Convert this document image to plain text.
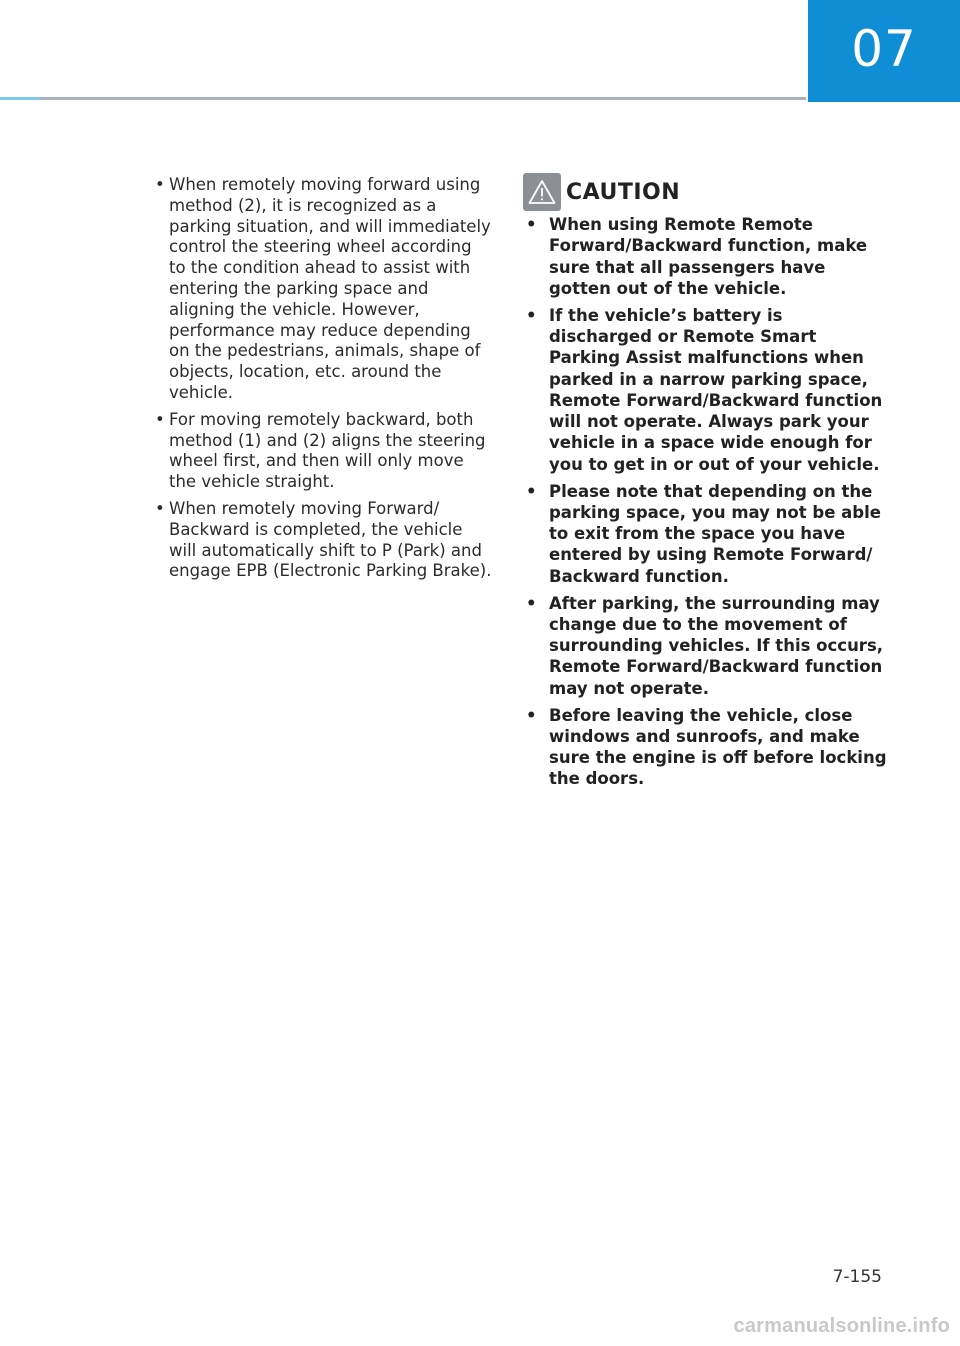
07
• When remotely moving forward using method (2), it is recognized as a parking situation, and will immediately control the steering wheel according to the condition ahead to assist with entering the parking space and aligning the vehicle. However, performance may reduce depending on the pedestrians, animals, shape of objects, location, etc. around the vehicle.
• For moving remotely backward, both method (1) and (2) aligns the steering wheel first, and then will only move the vehicle straight.
• When remotely moving Forward/ Backward is completed, the vehicle will automatically shift to P (Park) and engage EPB (Electronic Parking Brake).
CAUTION
• When using Remote Remote Forward/Backward function, make sure that all passengers have gotten out of the vehicle.
• If the vehicle’s battery is discharged or Remote Smart Parking Assist malfunctions when parked in a narrow parking space, Remote Forward/Backward function will not operate. Always park your vehicle in a space wide enough for you to get in or out of your vehicle.
• Please note that depending on the parking space, you may not be able to exit from the space you have entered by using Remote Forward/ Backward function.
• After parking, the surrounding may change due to the movement of surrounding vehicles. If this occurs, Remote Forward/Backward function may not operate.
• Before leaving the vehicle, close windows and sunroofs, and make sure the engine is off before locking the doors.
7-155
carmanualsonline.info
